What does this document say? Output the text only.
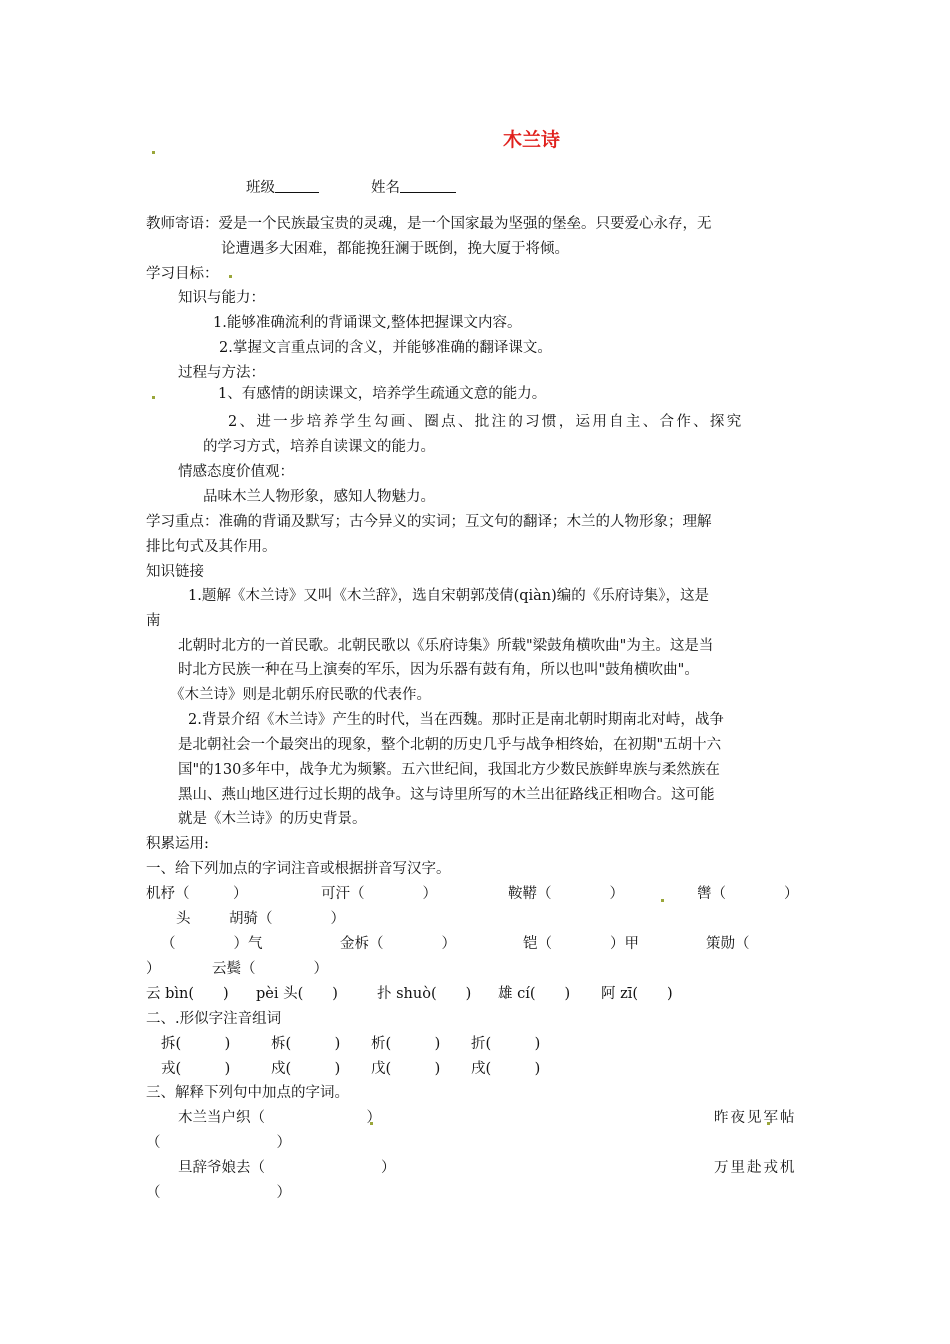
木兰诗
班级	姓名
教师寄语：爱是一个民族最宝贵的灵魂，是一个国家最为坚强的堡垒。只要爱心永存，无
论遭遇多大困难，都能挽狂澜于既倒，挽大厦于将倾。
学习目标：
知识与能力：
1.能够准确流利的背诵课文,整体把握课文内容。
2.掌握文言重点词的含义，并能够准确的翻译课文。
过程与方法：
1、有感情的朗读课文，培养学生疏通文意的能力。
2、进一步培养学生勾画、圈点、批注的习惯，运用自主、合作、探究
的学习方式，培养自读课文的能力。
情感态度价值观：
品味木兰人物形象，感知人物魅力。
学习重点：准确的背诵及默写；古今异义的实词；互文句的翻译；木兰的人物形象；理解
排比句式及其作用。
知识链接
1.题解《木兰诗》又叫《木兰辞》，选自宋朝郭茂倩(qiàn)编的《乐府诗集》，这是
南
北朝时北方的一首民歌。北朝民歌以《乐府诗集》所载"梁鼓角横吹曲"为主。这是当
时北方民族一种在马上演奏的军乐，因为乐器有鼓有角，所以也叫"鼓角横吹曲"。
《木兰诗》则是北朝乐府民歌的代表作。
2.背景介绍《木兰诗》产生的时代，当在西魏。那时正是南北朝时期南北对峙，战争
是北朝社会一个最突出的现象，整个北朝的历史几乎与战争相终始，在初期"五胡十六
国"的130多年中，战争尤为频繁。五六世纪间，我国北方少数民族鲜卑族与柔然族在
黑山、燕山地区进行过长期的战争。这与诗里所写的木兰出征路线正相吻合。这可能
就是《木兰诗》的历史背景。
积累运用:
一、给下列加点的字词注音或根据拼音写汉字。
机杼（　　　）	可汗（　　　　）	鞍鞯（　　　　）	辔（　　　　）
头	胡骑（　　　　）
（　　　　）气	金柝（　　　　）	铠（　　　　）甲	策勋（
）	云鬓（　　　　）
云 bìn(　　) pèi 头(　　)	扑 shuò(　　) 雄 cí(　　) 阿 zī(　　)
二、.形似字注音组词
拆(　　　)	柝(　　　) 析(　　　) 折(　　　)
戎(　　　)	戍(　　　) 戊(　　　) 戌(　　　)
三、解释下列句中加点的字词。
木兰当户织（　　　　　　　）	昨夜见军帖
（　　　　　　　　）
旦辞爷娘去（　　　　　　　　）	万里赴戎机
（　　　　　　　　）
